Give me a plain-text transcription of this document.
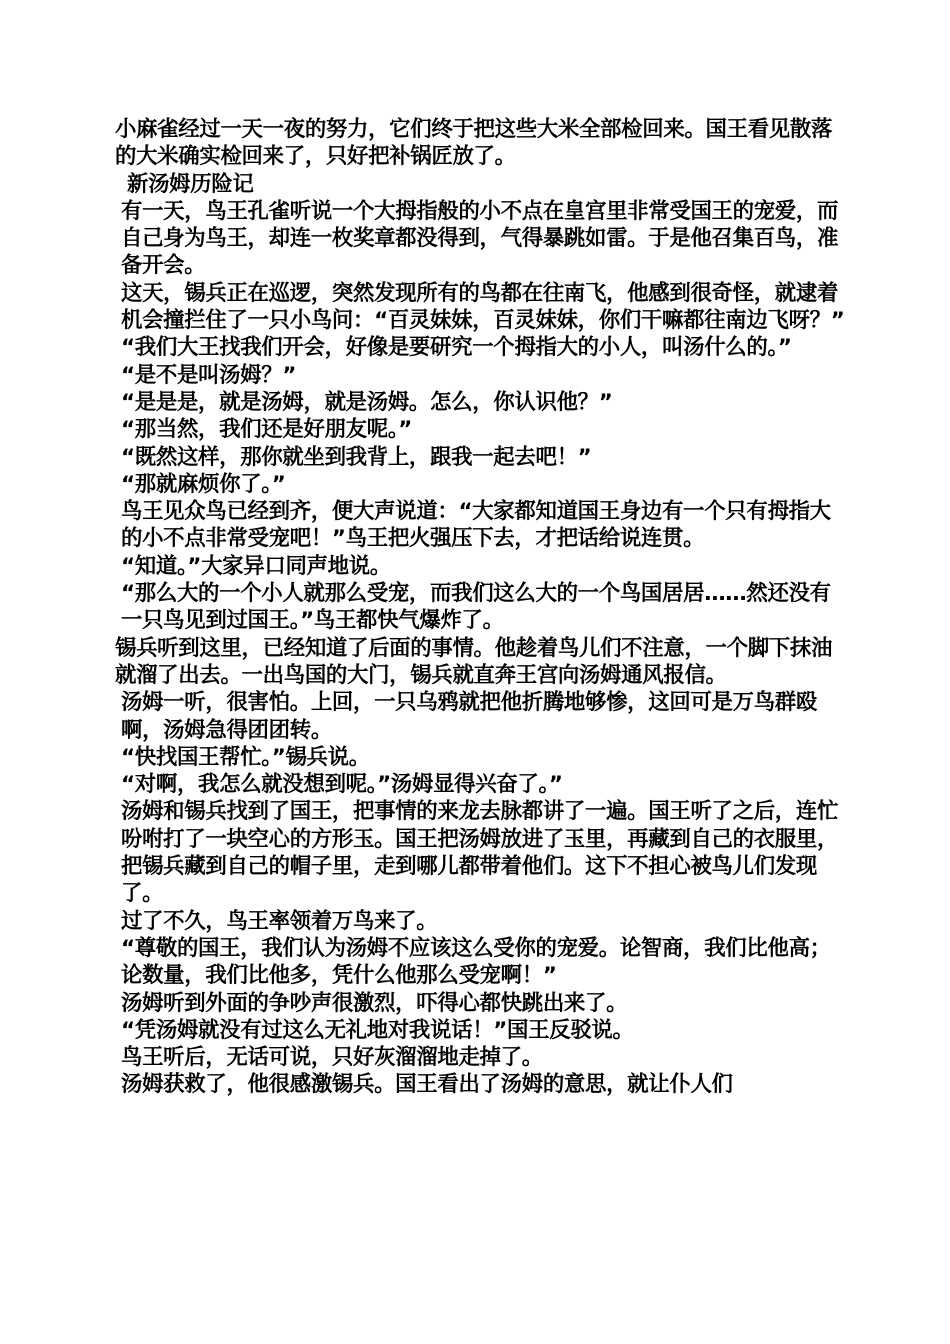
小麻雀经过一天一夜的努力，它们终于把这些大米全部检回来。国王看见散落的大米确实检回来了，只好把补锅匠放了。

新汤姆历险记

有一天，鸟王孔雀听说一个大拇指般的小不点在皇宫里非常受国王的宠爱，而自己身为鸟王，却连一枚奖章都没得到，气得暴跳如雷。于是他召集百鸟，准备开会。

这天，锡兵正在巡逻，突然发现所有的鸟都在往南飞，他感到很奇怪，就逮着机会撞拦住了一只小鸟问：“百灵妹妹，百灵妹妹，你们干嘛都往南边飞呀？”

“我们大王找我们开会，好像是要研究一个拇指大的小人，叫汤什么的。”

“是不是叫汤姆？”

“是是是，就是汤姆，就是汤姆。怎么，你认识他？”

“那当然，我们还是好朋友呢。”

“既然这样，那你就坐到我背上，跟我一起去吧！”

“那就麻烦你了。”

鸟王见众鸟已经到齐，便大声说道：“大家都知道国王身边有一个只有拇指大的小不点非常受宠吧！”鸟王把火强压下去，才把话给说连贯。

“知道。”大家异口同声地说。

“那么大的一个小人就那么受宠，而我们这么大的一个鸟国居居……然还没有一只鸟见到过国王。”鸟王都快气爆炸了。

锡兵听到这里，已经知道了后面的事情。他趁着鸟儿们不注意，一个脚下抹油就溜了出去。一出鸟国的大门，锡兵就直奔王宫向汤姆通风报信。

汤姆一听，很害怕。上回，一只乌鸦就把他折腾地够惨，这回可是万鸟群殴啊，汤姆急得团团转。

“快找国王帮忙。”锡兵说。

“对啊，我怎么就没想到呢。”汤姆显得兴奋了。”

汤姆和锡兵找到了国王，把事情的来龙去脉都讲了一遍。国王听了之后，连忙吩咐打了一块空心的方形玉。国王把汤姆放进了玉里，再藏到自己的衣服里，把锡兵藏到自己的帽子里，走到哪儿都带着他们。这下不担心被鸟儿们发现了。

过了不久，鸟王率领着万鸟来了。

“尊敬的国王，我们认为汤姆不应该这么受你的宠爱。论智商，我们比他高；论数量，我们比他多，凭什么他那么受宠啊！”

汤姆听到外面的争吵声很激烈，吓得心都快跳出来了。

“凭汤姆就没有过这么无礼地对我说话！”国王反驳说。

鸟王听后，无话可说，只好灰溜溜地走掉了。

汤姆获救了，他很感激锡兵。国王看出了汤姆的意思，就让仆人们
